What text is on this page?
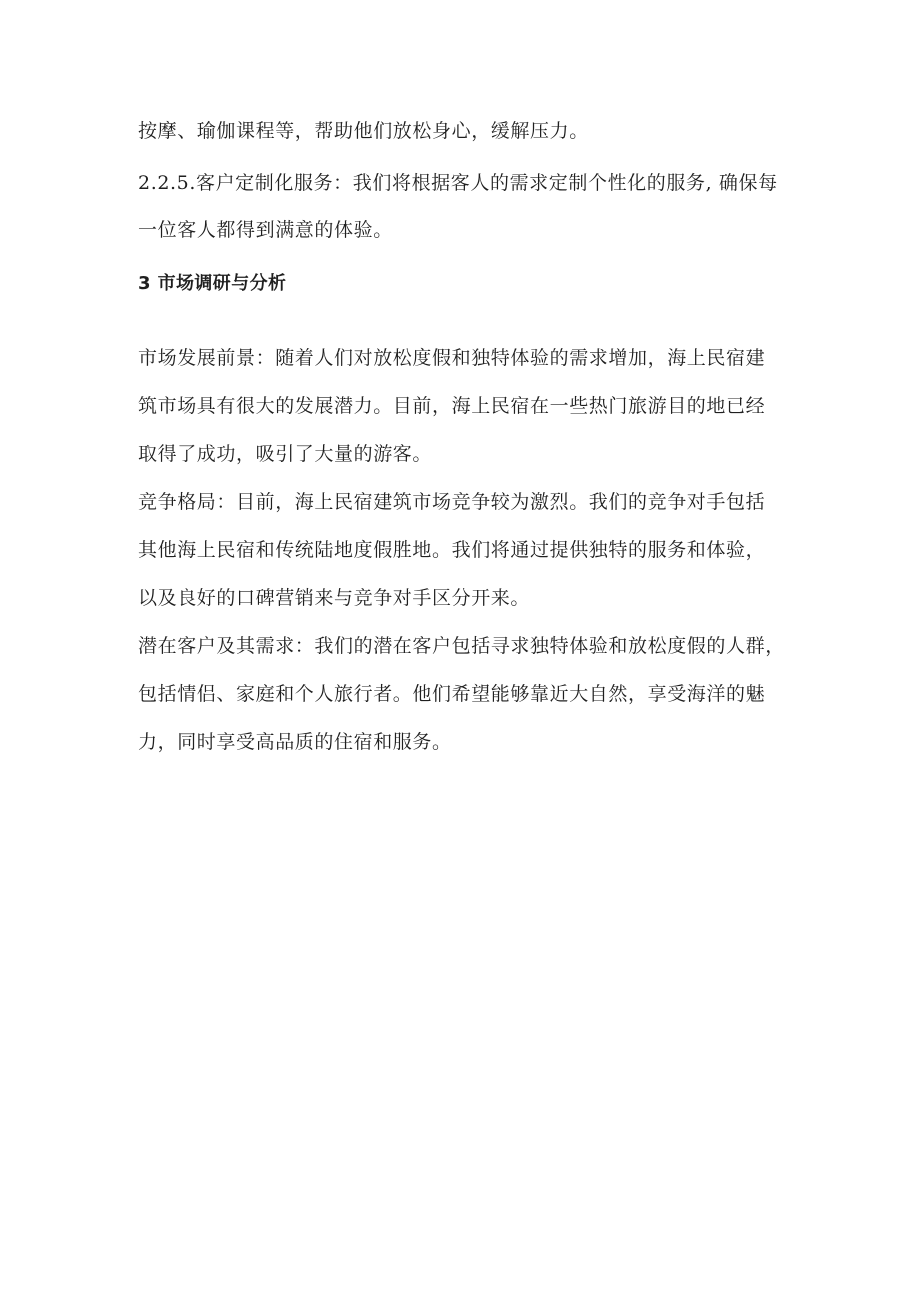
按摩、瑜伽课程等，帮助他们放松身心，缓解压力。

2.2.5.客户定制化服务：我们将根据客人的需求定制个性化的服务, 确保每

一位客人都得到满意的体验。

3 市场调研与分析

市场发展前景：随着人们对放松度假和独特体验的需求增加，海上民宿建

筑市场具有很大的发展潜力。目前，海上民宿在一些热门旅游目的地已经

取得了成功，吸引了大量的游客。

竞争格局：目前，海上民宿建筑市场竞争较为激烈。我们的竞争对手包括

其他海上民宿和传统陆地度假胜地。我们将通过提供独特的服务和体验，

以及良好的口碑营销来与竞争对手区分开来。

潜在客户及其需求：我们的潜在客户包括寻求独特体验和放松度假的人群，

包括情侣、家庭和个人旅行者。他们希望能够靠近大自然，享受海洋的魅

力，同时享受高品质的住宿和服务。
